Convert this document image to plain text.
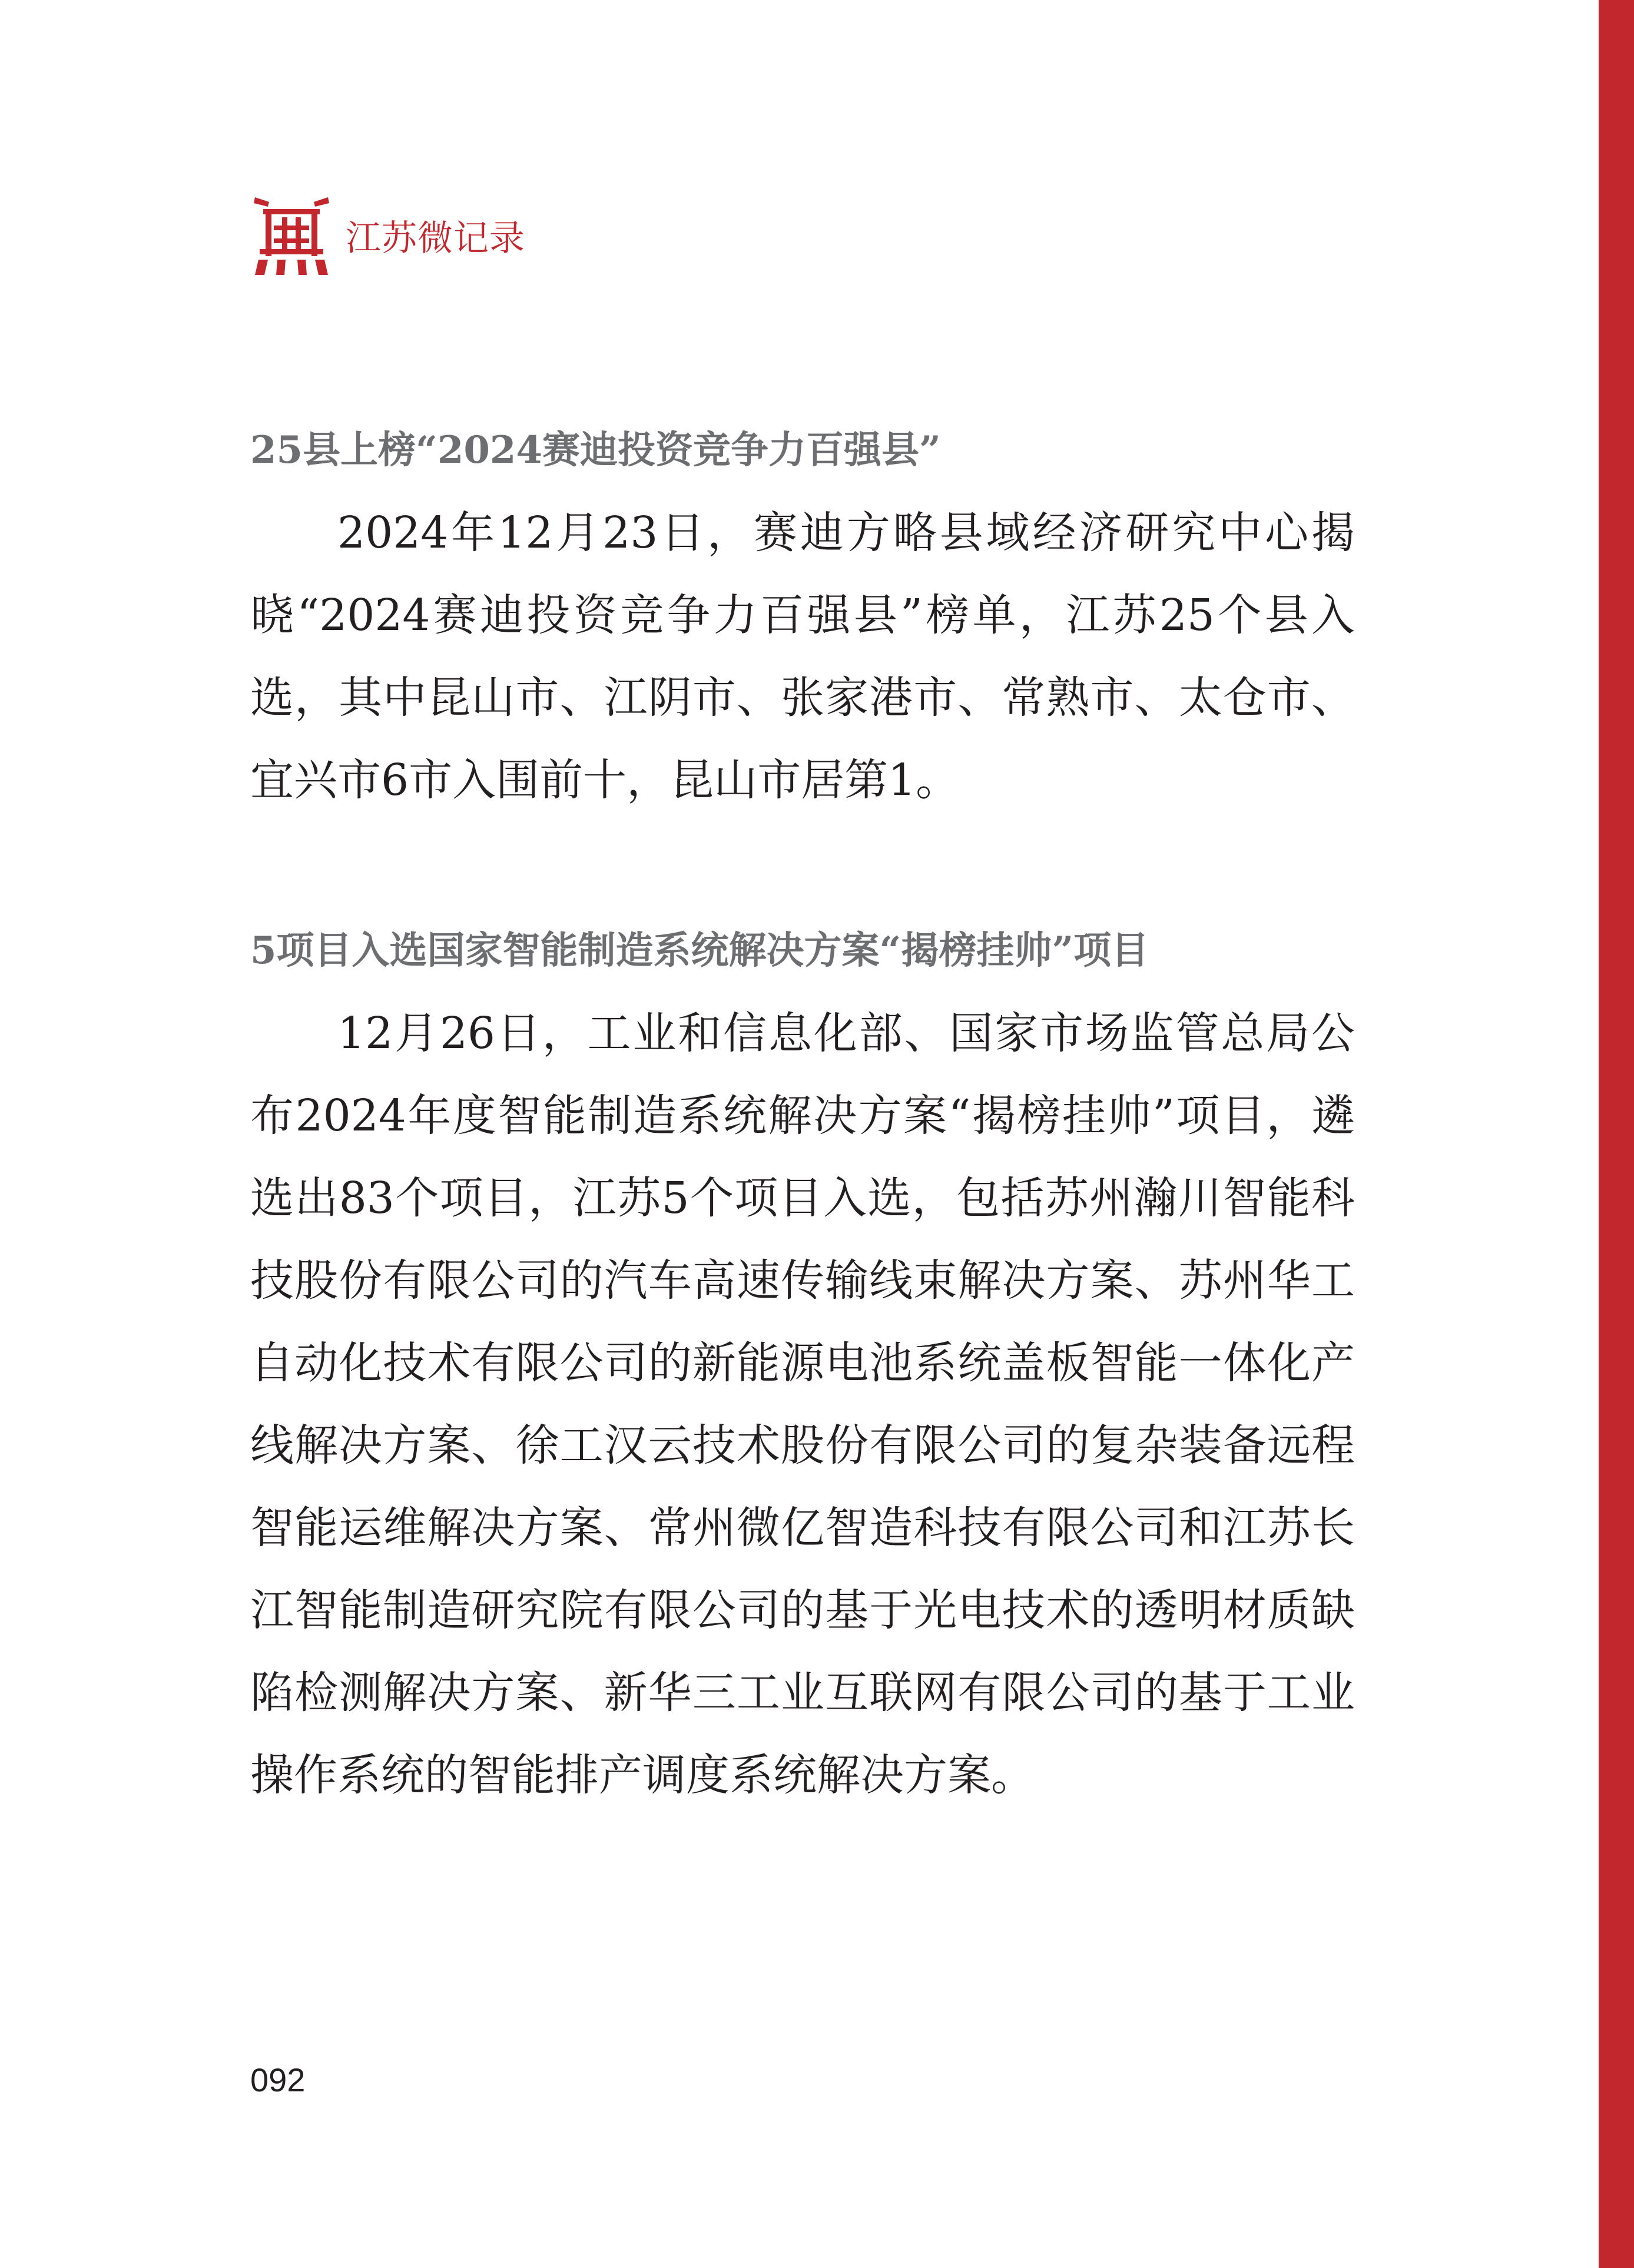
江苏微记录
25县上榜“2024赛迪投资竞争力百强县”

2024年12月23日，赛迪方略县域经济研究中心揭晓“2024赛迪投资竞争力百强县”榜单，江苏25个县入选，其中昆山市、江阴市、张家港市、常熟市、太仓市、宜兴市6市入围前十，昆山市居第1。

5项目入选国家智能制造系统解决方案“揭榜挂帅”项目

12月26日，工业和信息化部、国家市场监管总局公布2024年度智能制造系统解决方案“揭榜挂帅”项目，遴选出83个项目，江苏5个项目入选，包括苏州瀚川智能科技股份有限公司的汽车高速传输线束解决方案、苏州华工自动化技术有限公司的新能源电池系统盖板智能一体化产线解决方案、徐工汉云技术股份有限公司的复杂装备远程智能运维解决方案、常州微亿智造科技有限公司和江苏长江智能制造研究院有限公司的基于光电技术的透明材质缺陷检测解决方案、新华三工业互联网有限公司的基于工业操作系统的智能排产调度系统解决方案。

092
